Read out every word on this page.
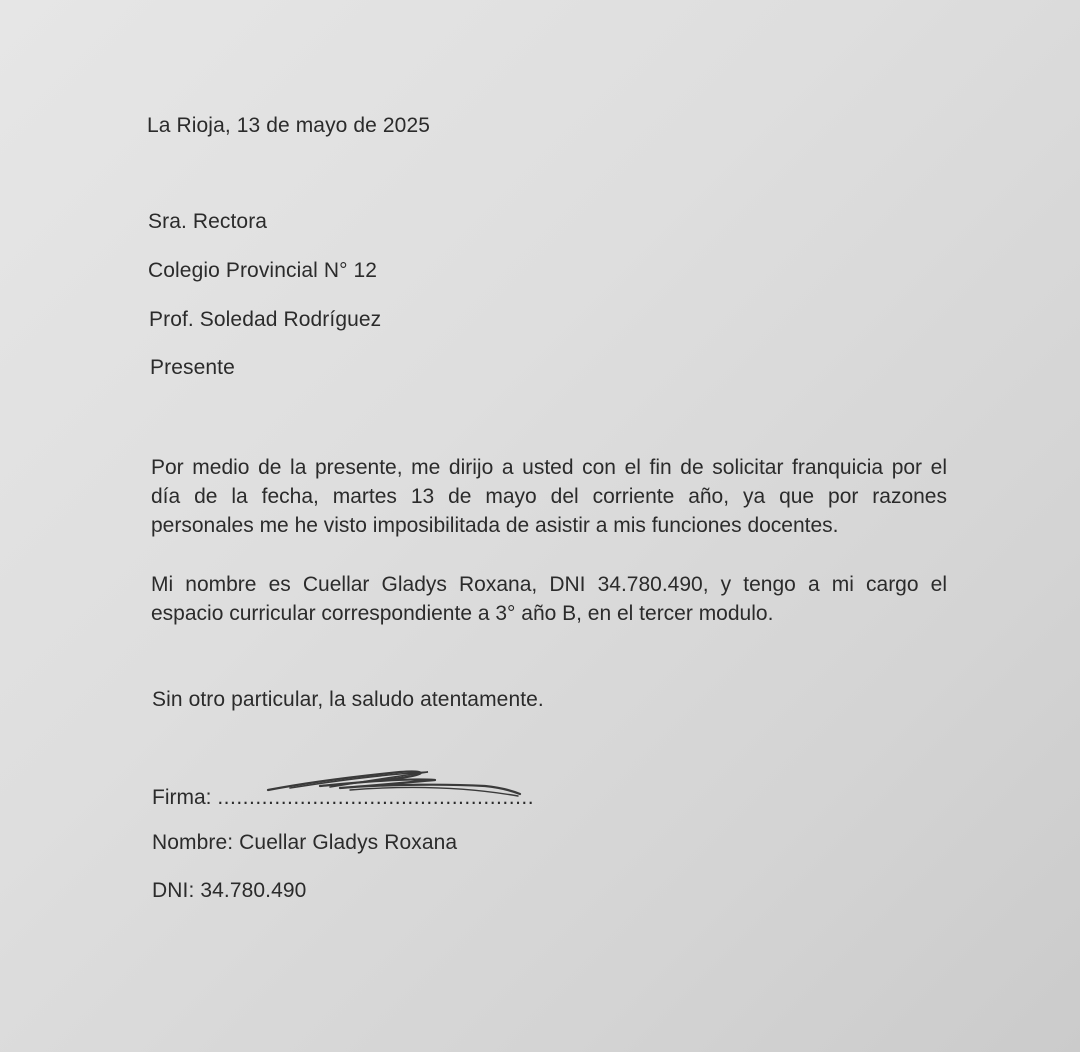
La Rioja, 13 de mayo de 2025
Sra. Rectora
Colegio Provincial N° 12
Prof. Soledad Rodríguez
Presente
Por medio de la presente, me dirijo a usted con el fin de solicitar franquicia por el
día de la fecha, martes 13 de mayo del corriente año, ya que por razones
personales me he visto imposibilitada de asistir a mis funciones docentes.
Mi nombre es Cuellar Gladys Roxana, DNI 34.780.490, y tengo a mi cargo el
espacio curricular correspondiente a 3° año B, en el tercer modulo.
Sin otro particular, la saludo atentamente.
Firma: ..................................................
Nombre: Cuellar Gladys Roxana
DNI: 34.780.490
